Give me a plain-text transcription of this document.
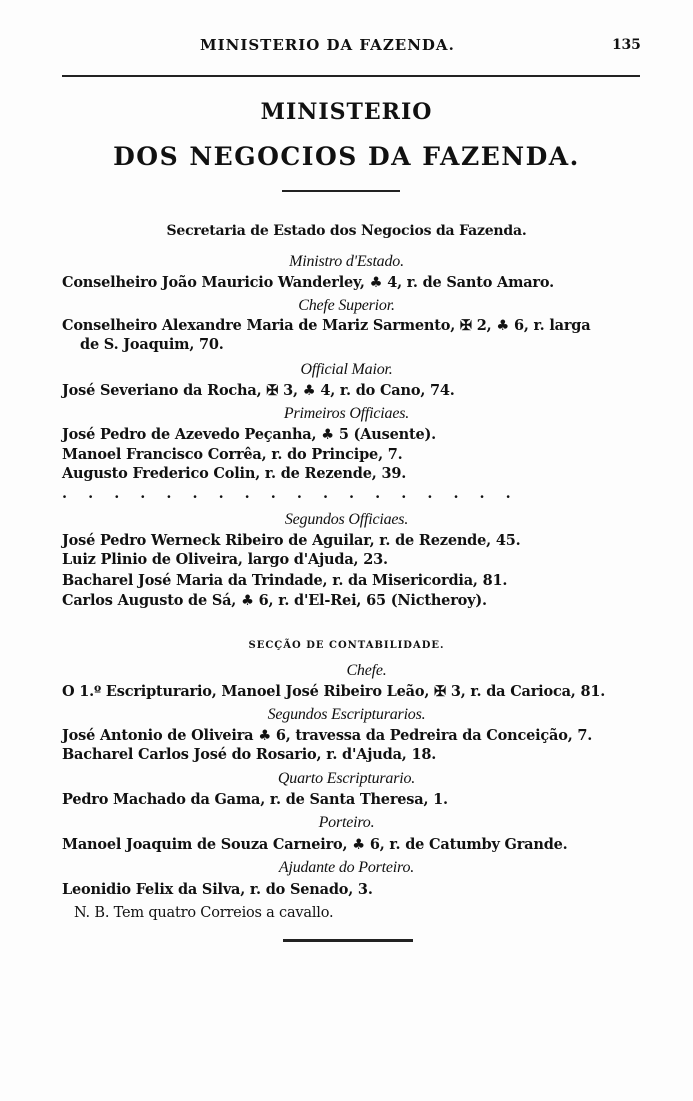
MINISTERIO DA FAZENDA.	135
MINISTERIO
DOS NEGOCIOS DA FAZENDA.
Secretaria de Estado dos Negocios da Fazenda.
Ministro d'Estado.
Conselheiro João Mauricio Wanderley, ♣ 4, r. de Santo Amaro.
Chefe Superior.
Conselheiro Alexandre Maria de Mariz Sarmento, ✠ 2, ♣ 6, r. larga
de S. Joaquim, 70.
Official Maior.
José Severiano da Rocha, ✠ 3, ♣ 4, r. do Cano, 74.
Primeiros Officiaes.
José Pedro de Azevedo Peçanha, ♣ 5 (Ausente).
Manoel Francisco Corrêa, r. do Principe, 7.
Augusto Frederico Colin, r. de Rezende, 39.
. . . . . . . . . . . . . . . . . .
Segundos Officiaes.
José Pedro Werneck Ribeiro de Aguilar, r. de Rezende, 45.
Luiz Plinio de Oliveira, largo d'Ajuda, 23.
Bacharel José Maria da Trindade, r. da Misericordia, 81.
Carlos Augusto de Sá, ♣ 6, r. d'El-Rei, 65 (Nictheroy).
SECÇÃO DE CONTABILIDADE.
Chefe.
O 1.º Escripturario, Manoel José Ribeiro Leão, ✠ 3, r. da Carioca, 81.
Segundos Escripturarios.
José Antonio de Oliveira ♣ 6, travessa da Pedreira da Conceição, 7.
Bacharel Carlos José do Rosario, r. d'Ajuda, 18.
Quarto Escripturario.
Pedro Machado da Gama, r. de Santa Theresa, 1.
Porteiro.
Manoel Joaquim de Souza Carneiro, ♣ 6, r. de Catumby Grande.
Ajudante do Porteiro.
Leonidio Felix da Silva, r. do Senado, 3.
N. B. Tem quatro Correios a cavallo.
